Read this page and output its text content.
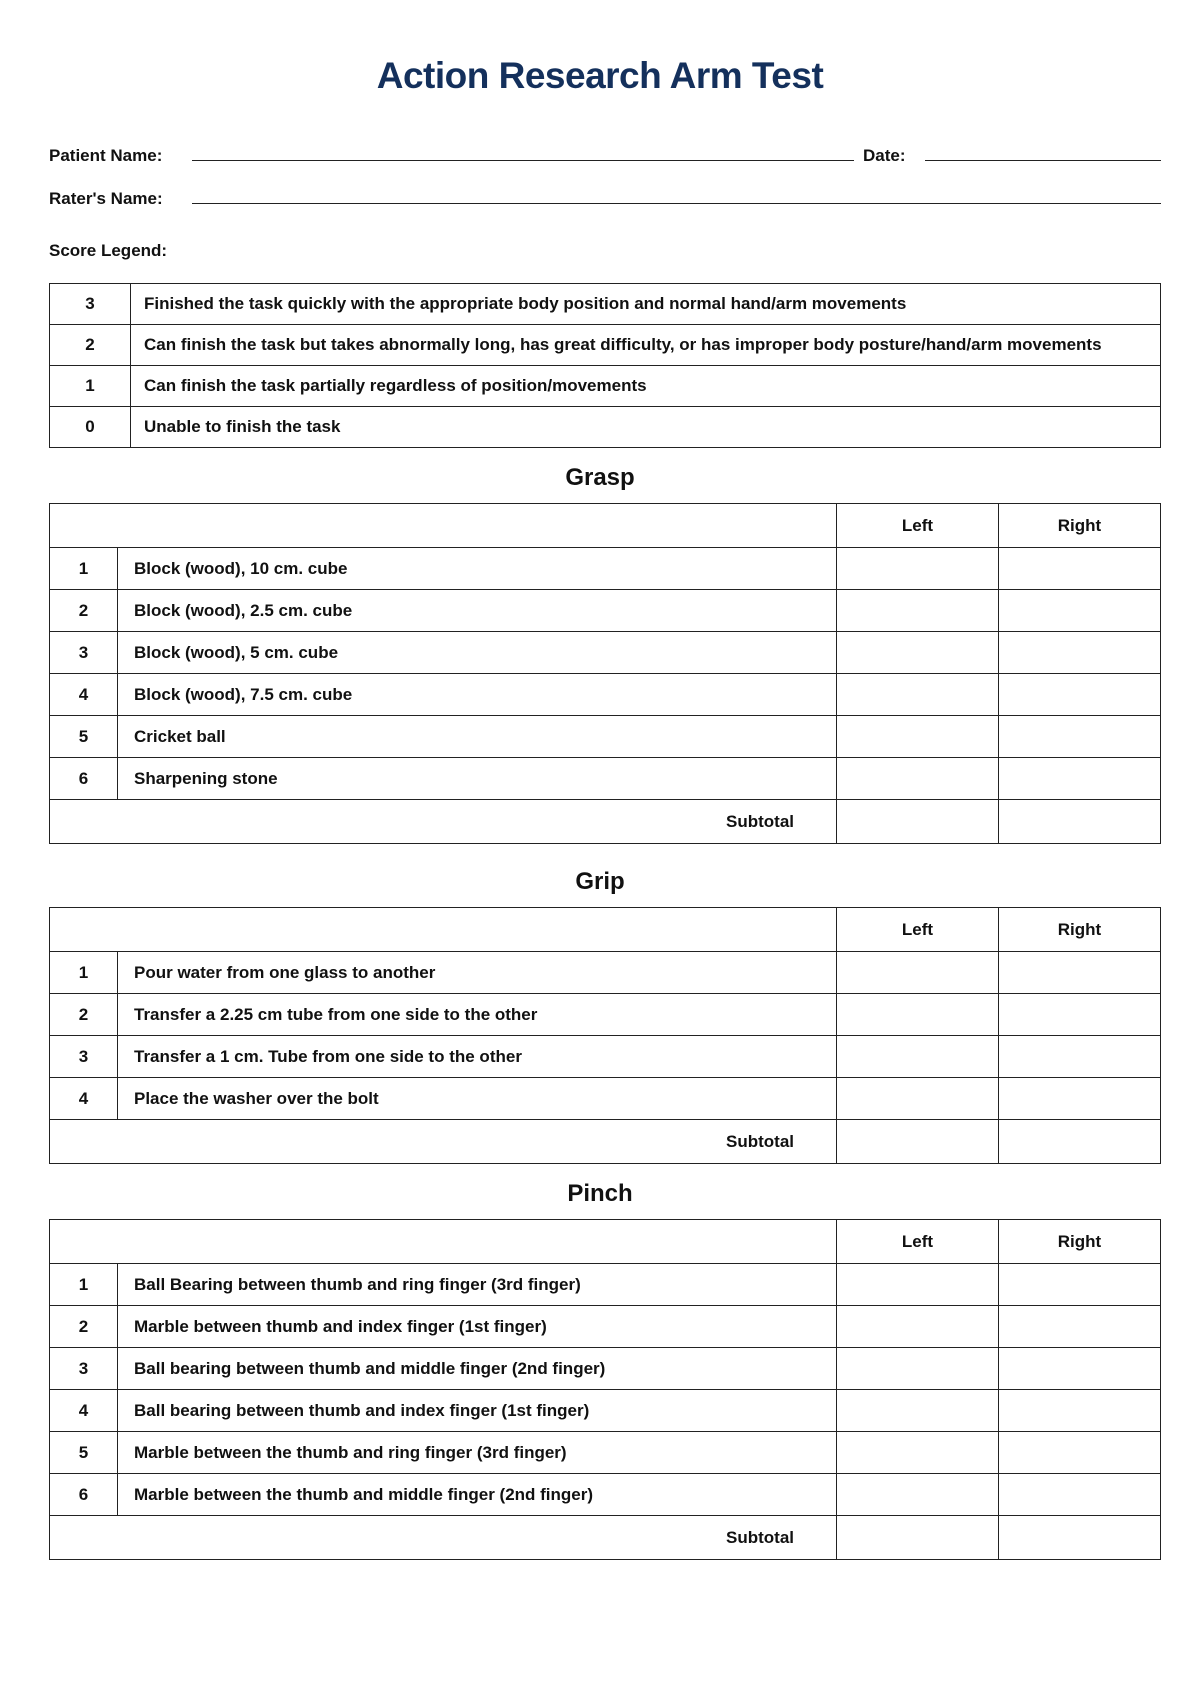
Action Research Arm Test
Patient Name:	Date:
Rater's Name:
Score Legend:
3	Finished the task quickly with the appropriate body position and normal hand/arm movements
2	Can finish the task but takes abnormally long, has great difficulty, or has improper body posture/hand/arm movements
1	Can finish the task partially regardless of position/movements
0	Unable to finish the task
Grasp
		Left	Right
1	Block (wood), 10 cm. cube		
2	Block (wood), 2.5 cm. cube		
3	Block (wood), 5 cm. cube		
4	Block (wood), 7.5 cm. cube		
5	Cricket ball		
6	Sharpening stone		
Subtotal			
Grip
		Left	Right
1	Pour water from one glass to another		
2	Transfer a 2.25 cm tube from one side to the other		
3	Transfer a 1 cm. Tube from one side to the other		
4	Place the washer over the bolt		
Subtotal			
Pinch
		Left	Right
1	Ball Bearing between thumb and ring finger (3rd finger)		
2	Marble between thumb and index finger (1st finger)		
3	Ball bearing between thumb and middle finger (2nd finger)		
4	Ball bearing between thumb and index finger (1st finger)		
5	Marble between the thumb and ring finger (3rd finger)		
6	Marble between the thumb and middle finger (2nd finger)		
Subtotal			
